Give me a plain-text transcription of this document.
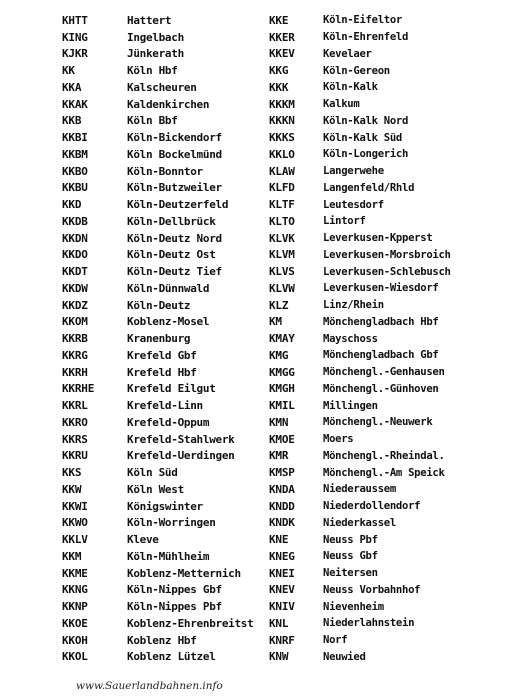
KHTT	Hattert
KING	Ingelbach
KJKR	Jünkerath
KK	Köln Hbf
KKA	Kalscheuren
KKAK	Kaldenkirchen
KKB	Köln Bbf
KKBI	Köln-Bickendorf
KKBM	Köln Bockelmünd
KKBO	Köln-Bonntor
KKBU	Köln-Butzweiler
KKD	Köln-Deutzerfeld
KKDB	Köln-Dellbrück
KKDN	Köln-Deutz Nord
KKDO	Köln-Deutz Ost
KKDT	Köln-Deutz Tief
KKDW	Köln-Dünnwald
KKDZ	Köln-Deutz
KKOM	Koblenz-Mosel
KKRB	Kranenburg
KKRG	Krefeld Gbf
KKRH	Krefeld Hbf
KKRHE	Krefeld Eilgut
KKRL	Krefeld-Linn
KKRO	Krefeld-Oppum
KKRS	Krefeld-Stahlwerk
KKRU	Krefeld-Uerdingen
KKS	Köln Süd
KKW	Köln West
KKWI	Königswinter
KKWO	Köln-Worringen
KKLV	Kleve
KKM	Köln-Mühlheim
KKME	Koblenz-Metternich
KKNG	Köln-Nippes Gbf
KKNP	Köln-Nippes Pbf
KKOE	Koblenz-Ehrenbreitst
KKOH	Koblenz Hbf
KKOL	Koblenz Lützel
KKE	Köln-Eifeltor
KKER	Köln-Ehrenfeld
KKEV	Kevelaer
KKG	Köln-Gereon
KKK	Köln-Kalk
KKKM	Kalkum
KKKN	Köln-Kalk Nord
KKKS	Köln-Kalk Süd
KKLO	Köln-Longerich
KLAW	Langerwehe
KLFD	Langenfeld/Rhld
KLTF	Leutesdorf
KLTO	Lintorf
KLVK	Leverkusen-Kpperst
KLVM	Leverkusen-Morsbroich
KLVS	Leverkusen-Schlebusch
KLVW	Leverkusen-Wiesdorf
KLZ	Linz/Rhein
KM	Mönchengladbach Hbf
KMAY	Mayschoss
KMG	Mönchengladbach Gbf
KMGG	Mönchengl.-Genhausen
KMGH	Mönchengl.-Günhoven
KMIL	Millingen
KMN	Mönchengl.-Neuwerk
KMOE	Moers
KMR	Mönchengl.-Rheindal.
KMSP	Mönchengl.-Am Speick
KNDA	Niederaussem
KNDD	Niederdollendorf
KNDK	Niederkassel
KNE	Neuss Pbf
KNEG	Neuss Gbf
KNEI	Neitersen
KNEV	Neuss Vorbahnhof
KNIV	Nievenheim
KNL	Niederlahnstein
KNRF	Norf
KNW	Neuwied
www.Sauerlandbahnen.info
